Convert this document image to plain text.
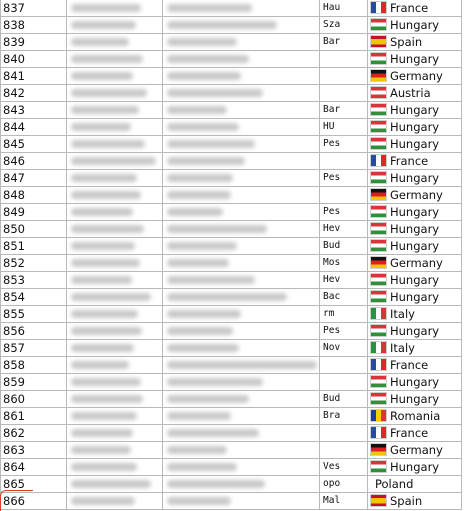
837	Hau	France
838	Sza	Hungary
839	Bar	Spain
840	Hungary
841	Germany
842	Austria
843	Bar	Hungary
844	HU	Hungary
845	Pes	Hungary
846	France
847	Pes	Hungary
848	Germany
849	Pes	Hungary
850	Hev	Hungary
851	Bud	Hungary
852	Mos	Germany
853	Hev	Hungary
854	Bac	Hungary
855	rm	Italy
856	Pes	Hungary
857	Nov	Italy
858	France
859	Hungary
860	Bud	Hungary
861	Bra	Romania
862	France
863	Germany
864	Ves	Hungary
865	opo	Poland
866	Mal	Spain
